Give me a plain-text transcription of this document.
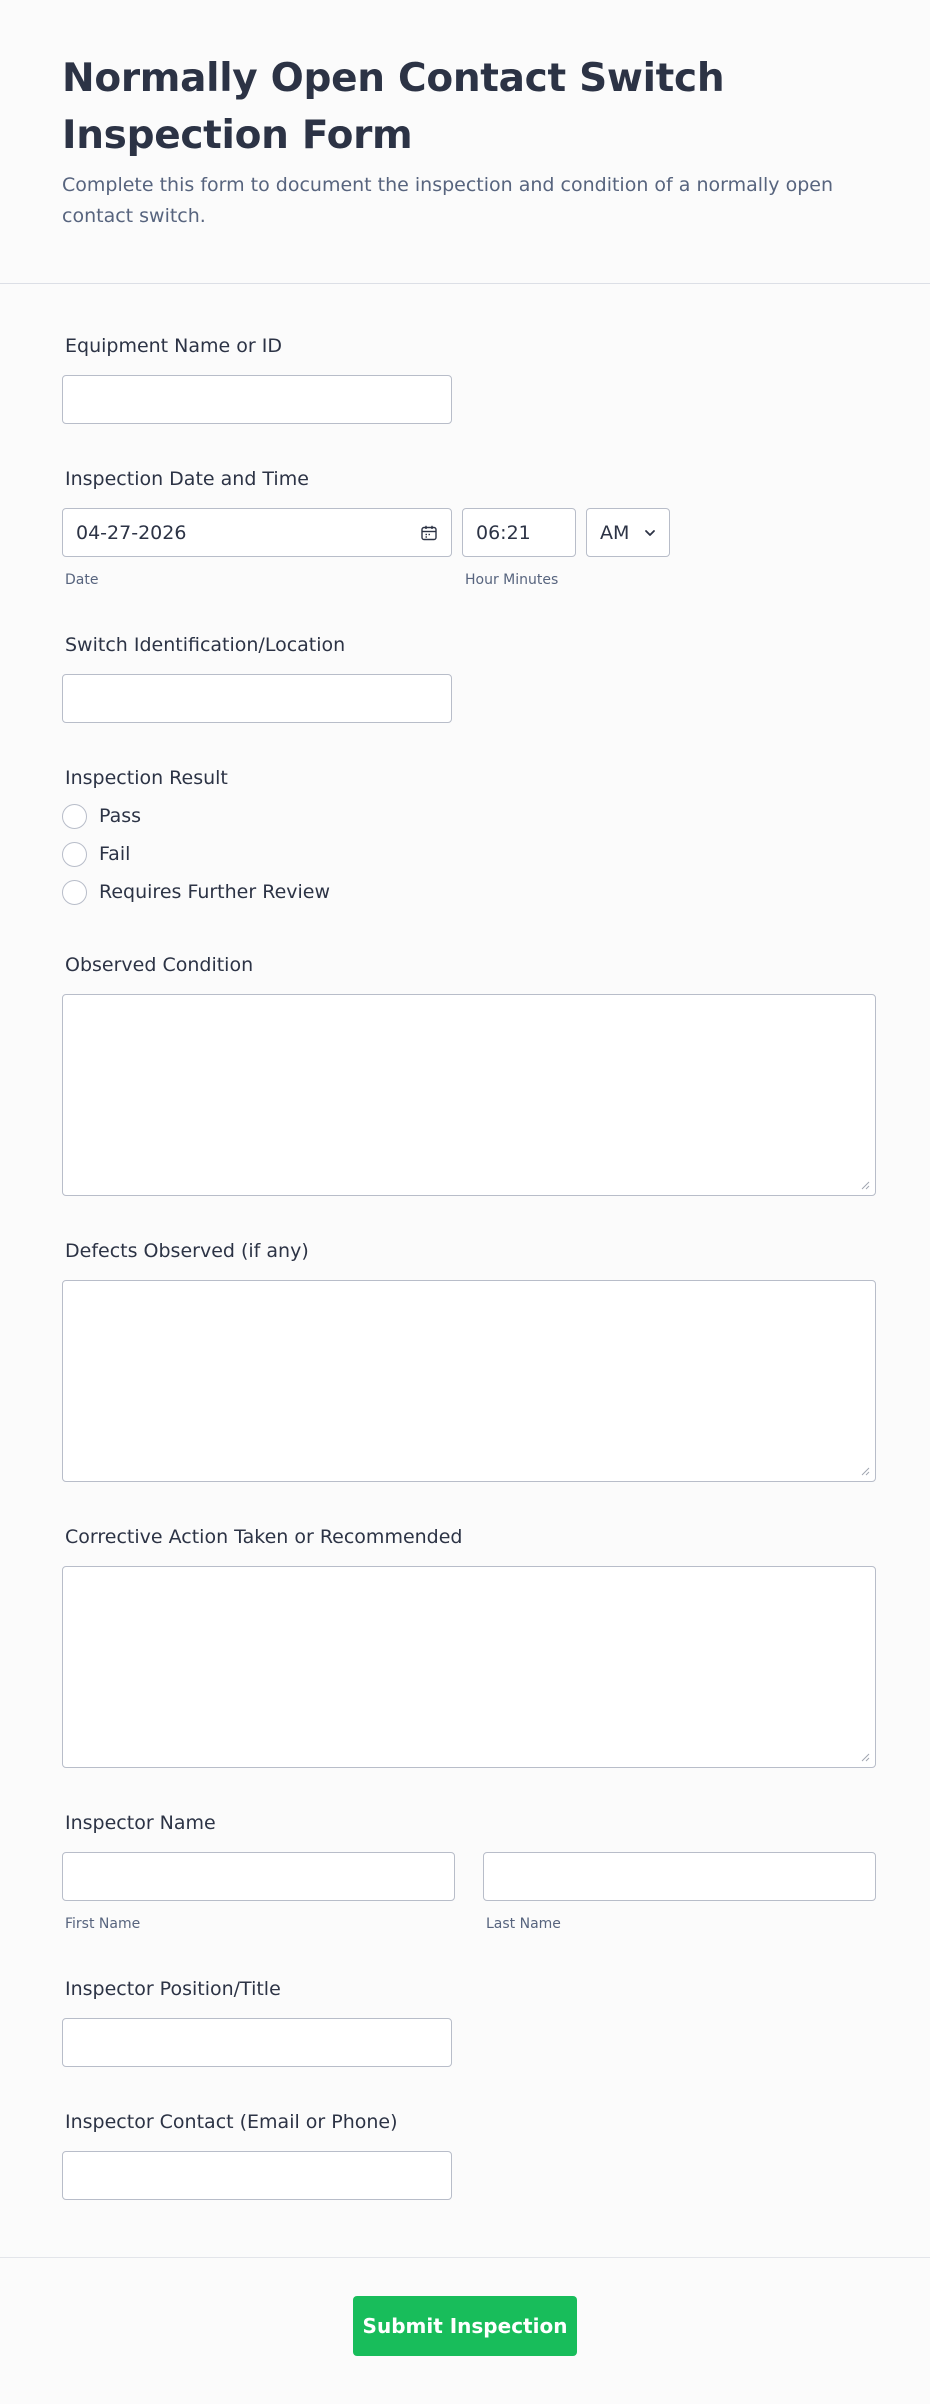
Normally Open Contact Switch Inspection Form
Complete this form to document the inspection and condition of a normally open contact switch.
Equipment Name or ID
Inspection Date and Time
04-27-2026	06:21	AM
Date	Hour Minutes
Switch Identification/Location
Inspection Result
Pass
Fail
Requires Further Review
Observed Condition
Defects Observed (if any)
Corrective Action Taken or Recommended
Inspector Name
First Name	Last Name
Inspector Position/Title
Inspector Contact (Email or Phone)
Submit Inspection
